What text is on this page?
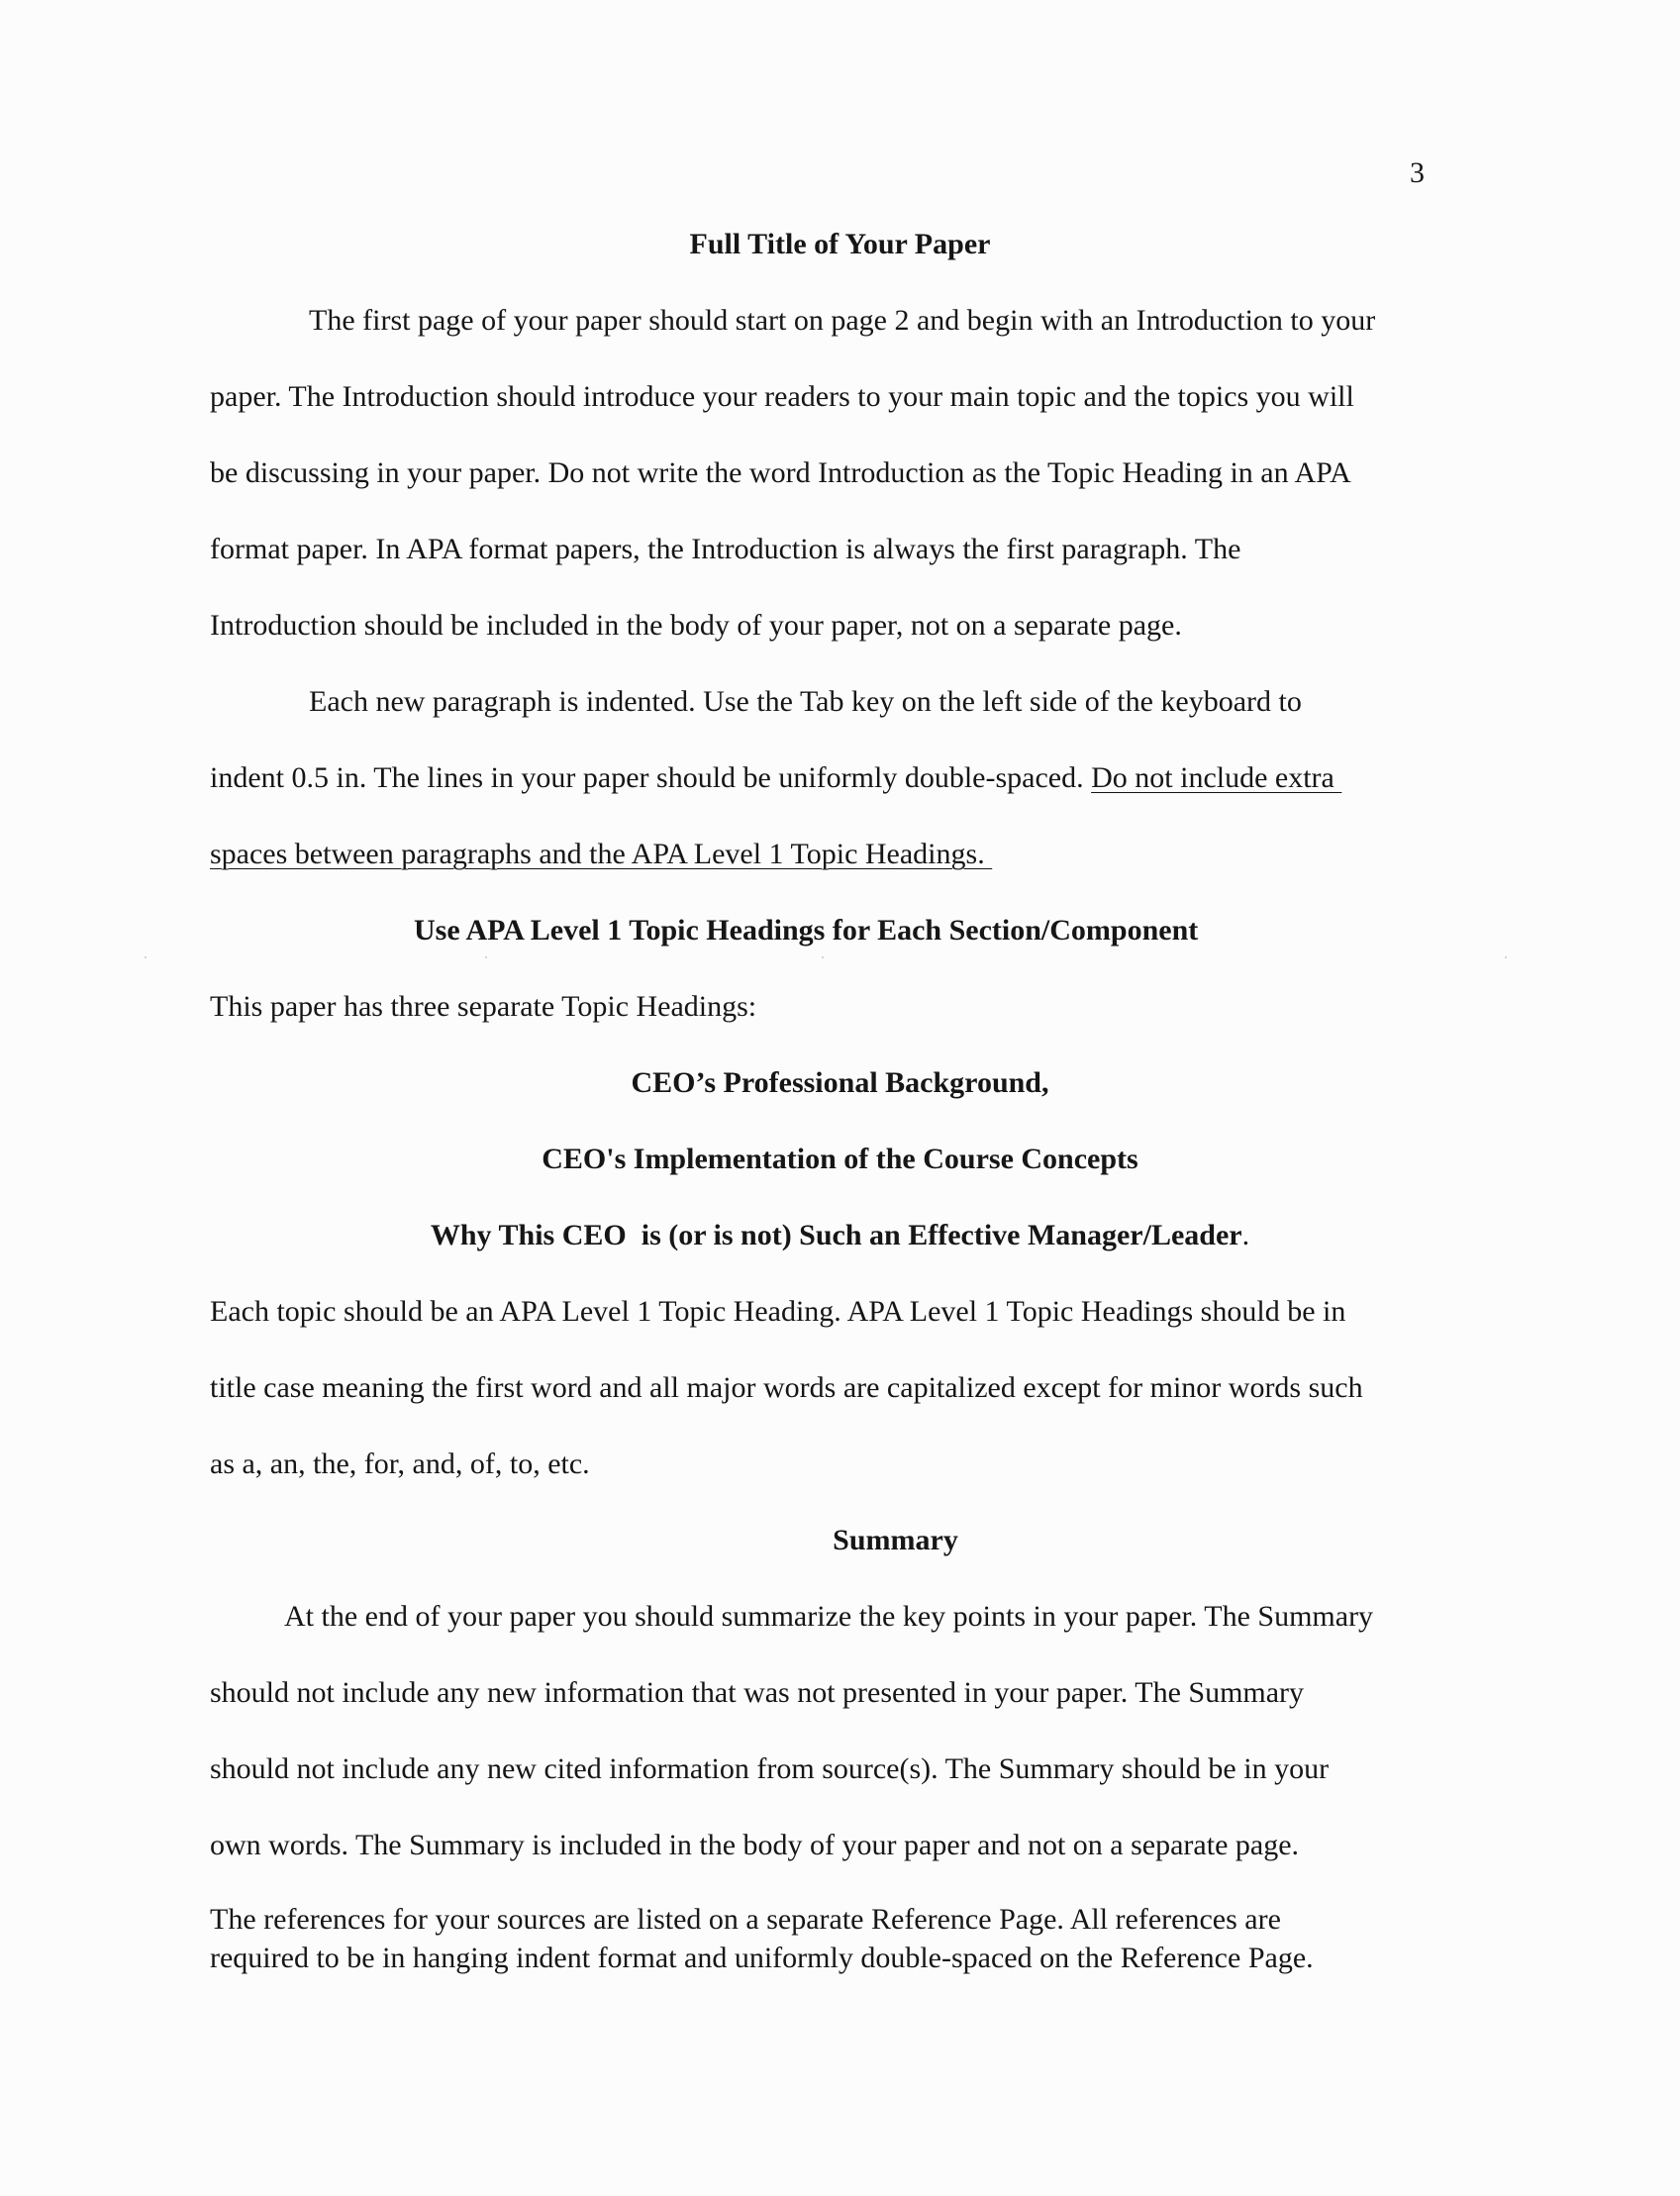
3
Full Title of Your Paper
The first page of your paper should start on page 2 and begin with an Introduction to your
paper. The Introduction should introduce your readers to your main topic and the topics you will
be discussing in your paper. Do not write the word Introduction as the Topic Heading in an APA
format paper. In APA format papers, the Introduction is always the first paragraph. The
Introduction should be included in the body of your paper, not on a separate page.
Each new paragraph is indented. Use the Tab key on the left side of the keyboard to
indent 0.5 in. The lines in your paper should be uniformly double-spaced. Do not include extra
spaces between paragraphs and the APA Level 1 Topic Headings.
Use APA Level 1 Topic Headings for Each Section/Component
This paper has three separate Topic Headings:
CEO’s Professional Background,
CEO's Implementation of the Course Concepts
Why This CEO  is (or is not) Such an Effective Manager/Leader.
Each topic should be an APA Level 1 Topic Heading. APA Level 1 Topic Headings should be in
title case meaning the first word and all major words are capitalized except for minor words such
as a, an, the, for, and, of, to, etc.
Summary
At the end of your paper you should summarize the key points in your paper. The Summary
should not include any new information that was not presented in your paper. The Summary
should not include any new cited information from source(s). The Summary should be in your
own words. The Summary is included in the body of your paper and not on a separate page.
The references for your sources are listed on a separate Reference Page. All references are
required to be in hanging indent format and uniformly double-spaced on the Reference Page.
